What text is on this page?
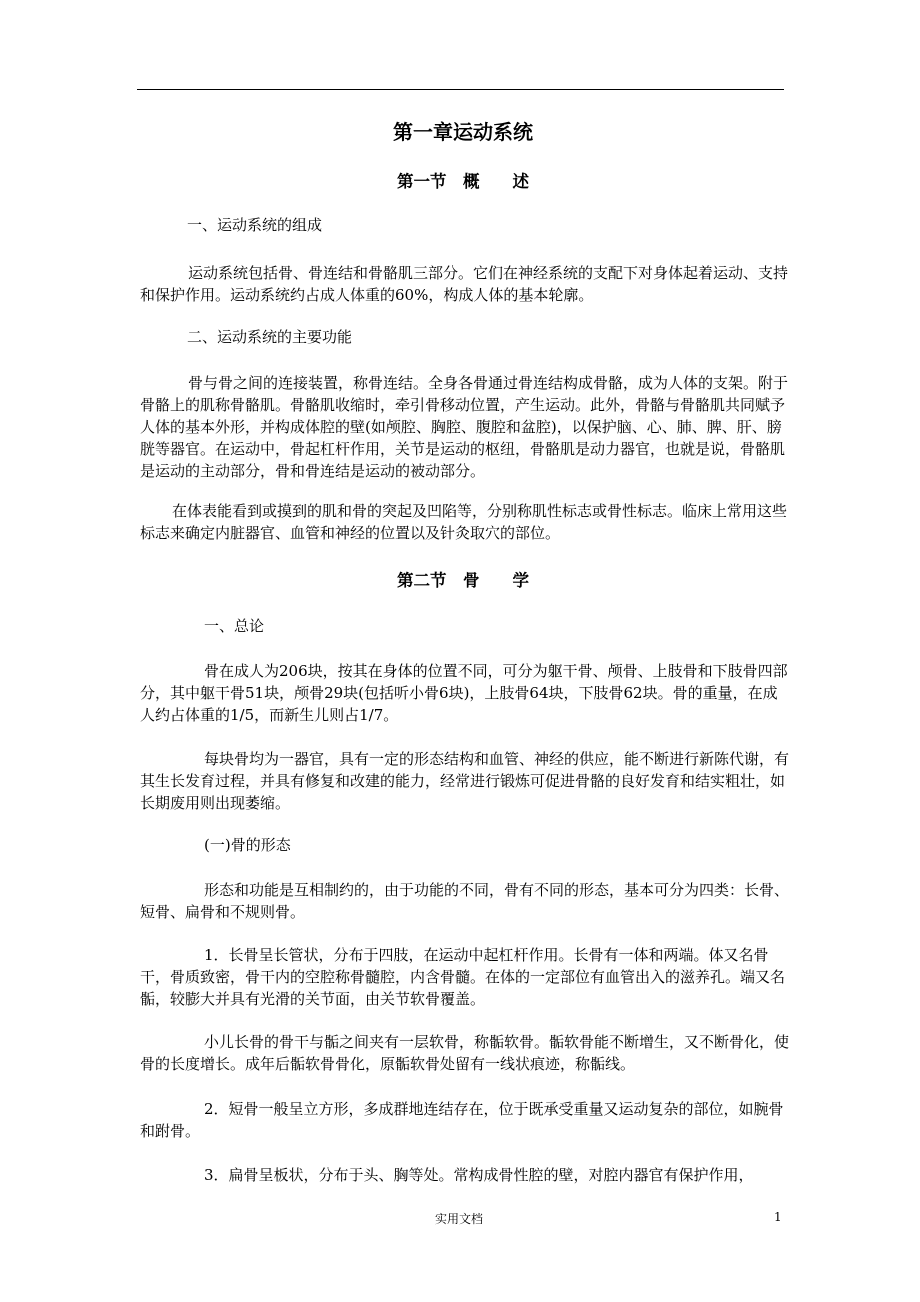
第一章运动系统
第一节　概　　述

一、运动系统的组成

运动系统包括骨、骨连结和骨骼肌三部分。它们在神经系统的支配下对身体起着运动、支持和保护作用。运动系统约占成人体重的60%，构成人体的基本轮廓。

二、运动系统的主要功能

骨与骨之间的连接装置，称骨连结。全身各骨通过骨连结构成骨骼，成为人体的支架。附于骨骼上的肌称骨骼肌。骨骼肌收缩时，牵引骨移动位置，产生运动。此外，骨骼与骨骼肌共同赋予人体的基本外形，并构成体腔的壁(如颅腔、胸腔、腹腔和盆腔)，以保护脑、心、肺、脾、肝、膀胱等器官。在运动中，骨起杠杆作用，关节是运动的枢纽，骨骼肌是动力器官，也就是说，骨骼肌是运动的主动部分，骨和骨连结是运动的被动部分。

在体表能看到或摸到的肌和骨的突起及凹陷等，分别称肌性标志或骨性标志。临床上常用这些标志来确定内脏器官、血管和神经的位置以及针灸取穴的部位。

第二节　骨　　学

一、总论

骨在成人为206块，按其在身体的位置不同，可分为躯干骨、颅骨、上肢骨和下肢骨四部分，其中躯干骨51块，颅骨29块(包括听小骨6块)，上肢骨64块，下肢骨62块。骨的重量，在成人约占体重的1/5，而新生儿则占1/7。

每块骨均为一器官，具有一定的形态结构和血管、神经的供应，能不断进行新陈代谢，有其生长发育过程，并具有修复和改建的能力，经常进行锻炼可促进骨骼的良好发育和结实粗壮，如长期废用则出现萎缩。

(一)骨的形态

形态和功能是互相制约的，由于功能的不同，骨有不同的形态，基本可分为四类：长骨、短骨、扁骨和不规则骨。

1．长骨呈长管状，分布于四肢，在运动中起杠杆作用。长骨有一体和两端。体又名骨干，骨质致密，骨干内的空腔称骨髓腔，内含骨髓。在体的一定部位有血管出入的滋养孔。端又名骺，较膨大并具有光滑的关节面，由关节软骨覆盖。

小儿长骨的骨干与骺之间夹有一层软骨，称骺软骨。骺软骨能不断增生，又不断骨化，使骨的长度增长。成年后骺软骨骨化，原骺软骨处留有一线状痕迹，称骺线。

2．短骨一般呈立方形，多成群地连结存在，位于既承受重量又运动复杂的部位，如腕骨和跗骨。

3．扁骨呈板状，分布于头、胸等处。常构成骨性腔的壁，对腔内器官有保护作用，

实用文档	1
